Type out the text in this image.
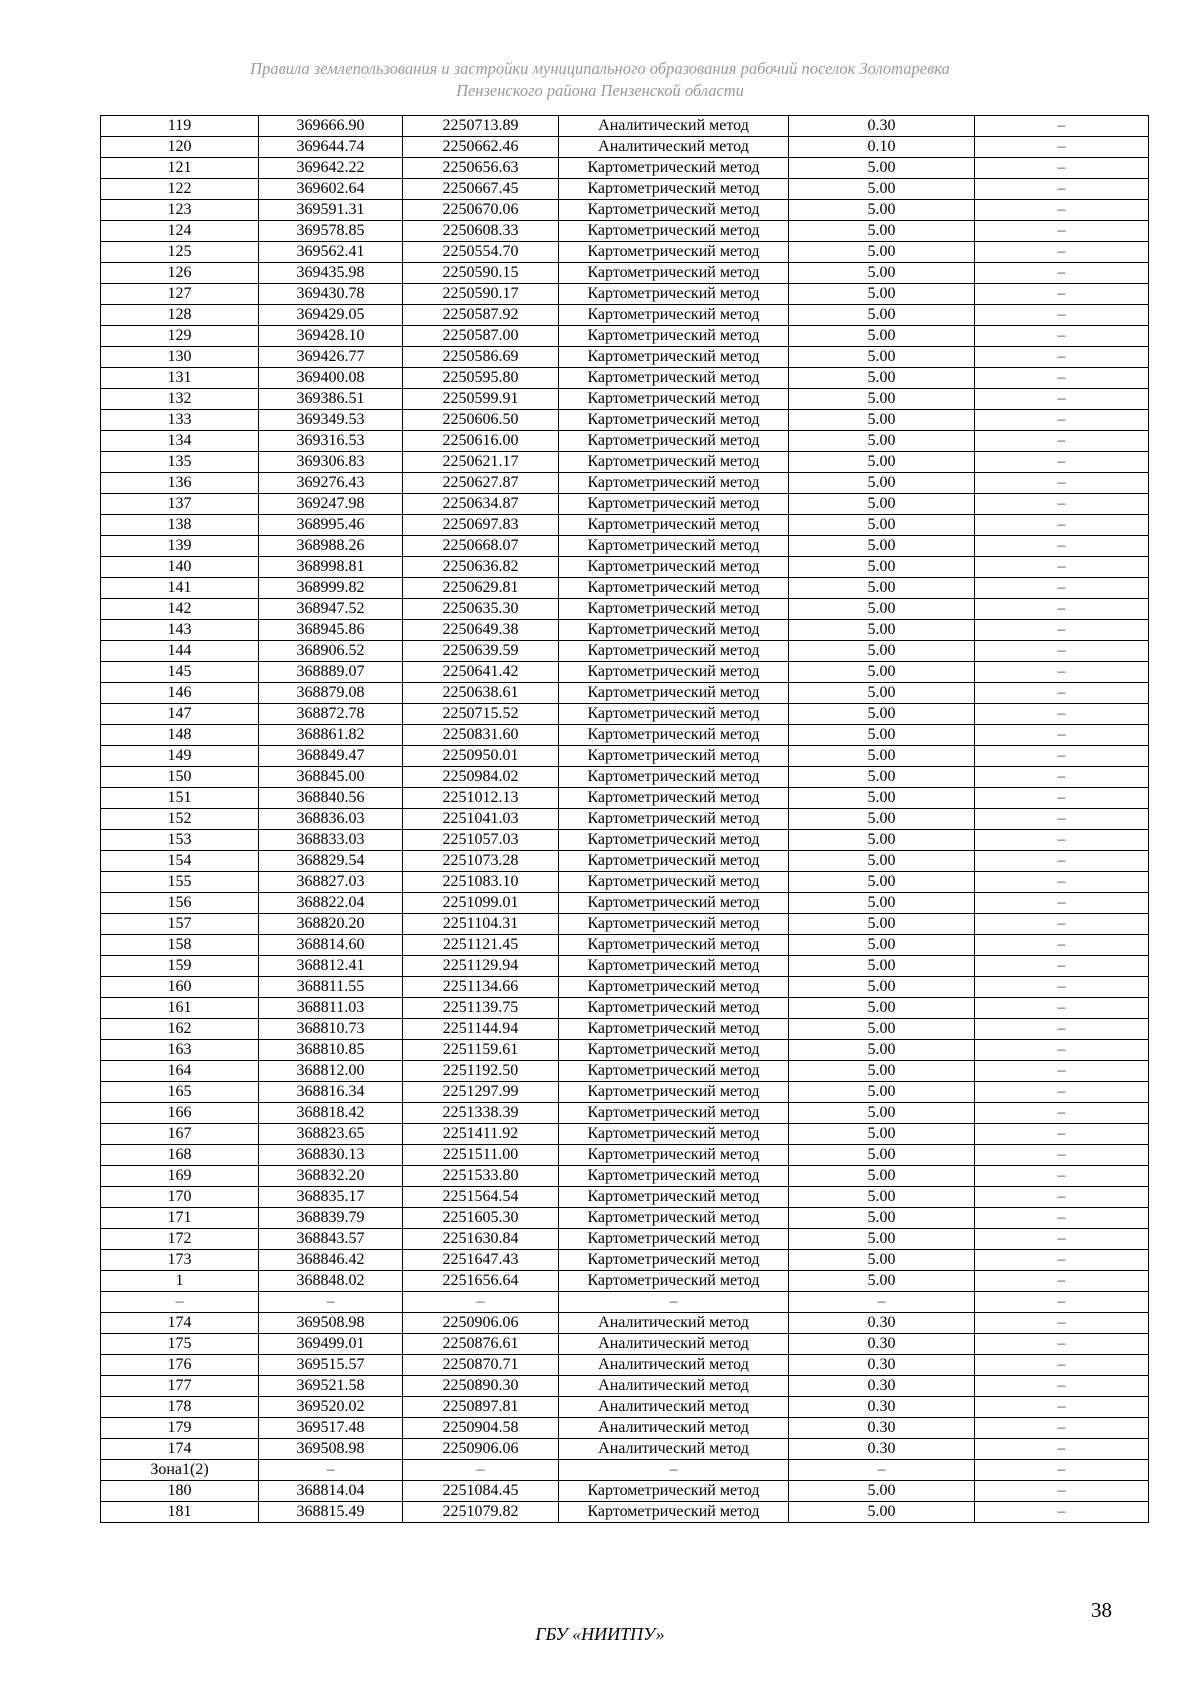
Правила землепользования и застройки муниципального образования рабочий поселок Золотаревка
Пензенского района Пензенской области
119	369666.90	2250713.89	Аналитический метод	0.30	–
120	369644.74	2250662.46	Аналитический метод	0.10	–
121	369642.22	2250656.63	Картометрический метод	5.00	–
122	369602.64	2250667.45	Картометрический метод	5.00	–
123	369591.31	2250670.06	Картометрический метод	5.00	–
124	369578.85	2250608.33	Картометрический метод	5.00	–
125	369562.41	2250554.70	Картометрический метод	5.00	–
126	369435.98	2250590.15	Картометрический метод	5.00	–
127	369430.78	2250590.17	Картометрический метод	5.00	–
128	369429.05	2250587.92	Картометрический метод	5.00	–
129	369428.10	2250587.00	Картометрический метод	5.00	–
130	369426.77	2250586.69	Картометрический метод	5.00	–
131	369400.08	2250595.80	Картометрический метод	5.00	–
132	369386.51	2250599.91	Картометрический метод	5.00	–
133	369349.53	2250606.50	Картометрический метод	5.00	–
134	369316.53	2250616.00	Картометрический метод	5.00	–
135	369306.83	2250621.17	Картометрический метод	5.00	–
136	369276.43	2250627.87	Картометрический метод	5.00	–
137	369247.98	2250634.87	Картометрический метод	5.00	–
138	368995.46	2250697.83	Картометрический метод	5.00	–
139	368988.26	2250668.07	Картометрический метод	5.00	–
140	368998.81	2250636.82	Картометрический метод	5.00	–
141	368999.82	2250629.81	Картометрический метод	5.00	–
142	368947.52	2250635.30	Картометрический метод	5.00	–
143	368945.86	2250649.38	Картометрический метод	5.00	–
144	368906.52	2250639.59	Картометрический метод	5.00	–
145	368889.07	2250641.42	Картометрический метод	5.00	–
146	368879.08	2250638.61	Картометрический метод	5.00	–
147	368872.78	2250715.52	Картометрический метод	5.00	–
148	368861.82	2250831.60	Картометрический метод	5.00	–
149	368849.47	2250950.01	Картометрический метод	5.00	–
150	368845.00	2250984.02	Картометрический метод	5.00	–
151	368840.56	2251012.13	Картометрический метод	5.00	–
152	368836.03	2251041.03	Картометрический метод	5.00	–
153	368833.03	2251057.03	Картометрический метод	5.00	–
154	368829.54	2251073.28	Картометрический метод	5.00	–
155	368827.03	2251083.10	Картометрический метод	5.00	–
156	368822.04	2251099.01	Картометрический метод	5.00	–
157	368820.20	2251104.31	Картометрический метод	5.00	–
158	368814.60	2251121.45	Картометрический метод	5.00	–
159	368812.41	2251129.94	Картометрический метод	5.00	–
160	368811.55	2251134.66	Картометрический метод	5.00	–
161	368811.03	2251139.75	Картометрический метод	5.00	–
162	368810.73	2251144.94	Картометрический метод	5.00	–
163	368810.85	2251159.61	Картометрический метод	5.00	–
164	368812.00	2251192.50	Картометрический метод	5.00	–
165	368816.34	2251297.99	Картометрический метод	5.00	–
166	368818.42	2251338.39	Картометрический метод	5.00	–
167	368823.65	2251411.92	Картометрический метод	5.00	–
168	368830.13	2251511.00	Картометрический метод	5.00	–
169	368832.20	2251533.80	Картометрический метод	5.00	–
170	368835.17	2251564.54	Картометрический метод	5.00	–
171	368839.79	2251605.30	Картометрический метод	5.00	–
172	368843.57	2251630.84	Картометрический метод	5.00	–
173	368846.42	2251647.43	Картометрический метод	5.00	–
1	368848.02	2251656.64	Картометрический метод	5.00	–
–	–	–	–	–	–
174	369508.98	2250906.06	Аналитический метод	0.30	–
175	369499.01	2250876.61	Аналитический метод	0.30	–
176	369515.57	2250870.71	Аналитический метод	0.30	–
177	369521.58	2250890.30	Аналитический метод	0.30	–
178	369520.02	2250897.81	Аналитический метод	0.30	–
179	369517.48	2250904.58	Аналитический метод	0.30	–
174	369508.98	2250906.06	Аналитический метод	0.30	–
Зона1(2)	–	–	–	–	–
180	368814.04	2251084.45	Картометрический метод	5.00	–
181	368815.49	2251079.82	Картометрический метод	5.00	–
38
ГБУ «НИИТПУ»
